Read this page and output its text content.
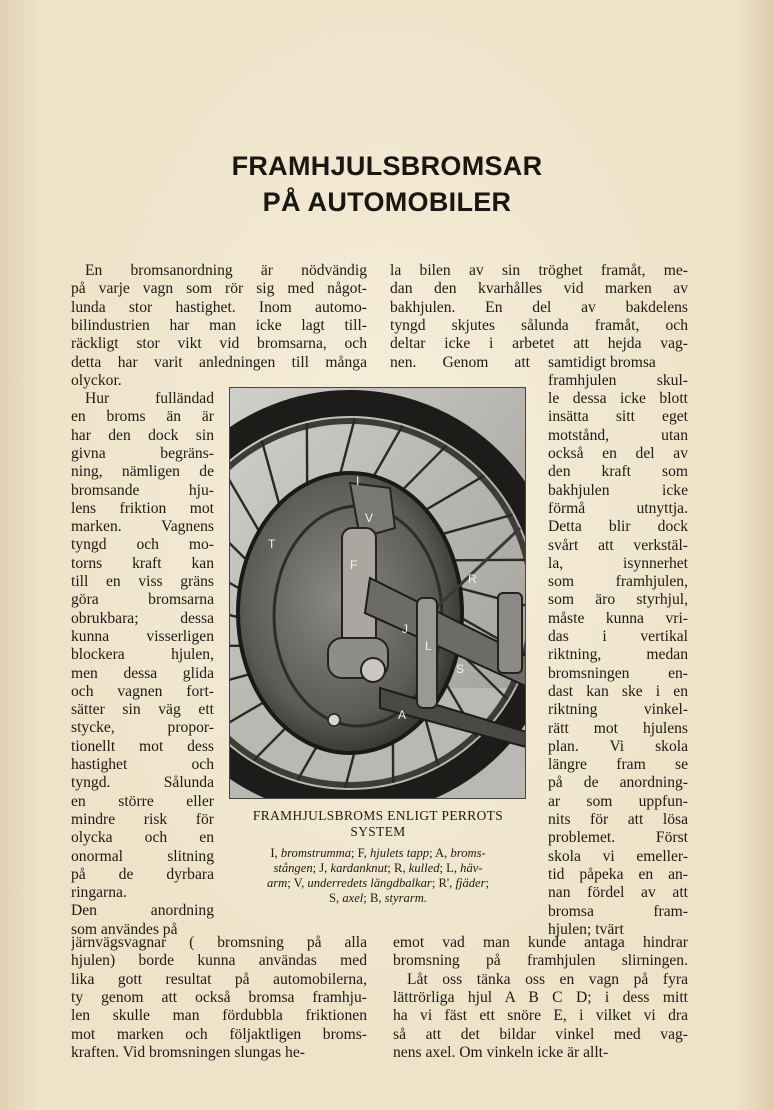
FRAMHJULSBROMSAR
PÅ AUTOMOBILER

En bromsanordning är nödvändig

på varje vagn som rör sig med något-

lunda stor hastighet. Inom automo-

bilindustrien har man icke lagt till-

räckligt stor vikt vid bromsarna, och

detta har varit anledningen till många

olyckor.

Hur fulländad

en broms än är

har den dock sin

givna begräns-

ning, nämligen de

bromsande hju-

lens friktion mot

marken. Vagnens

tyngd och mo-

torns kraft kan

till en viss gräns

göra bromsarna

obrukbara; dessa

kunna visserligen

blockera hjulen,

men dessa glida

och vagnen fort-

sätter sin väg ett

stycke, propor-

tionellt mot dess

hastighet och

tyngd. Sålunda

en större eller

mindre risk för

olycka och en

onormal slitning

på de dyrbara

ringarna.

Den anordning

som användes på

järnvägsvagnar ( bromsning på alla

hjulen) borde kunna användas med

lika gott resultat på automobilerna,

ty genom att också bromsa framhju-

len skulle man fördubbla friktionen

mot marken och följaktligen broms-

kraften. Vid bromsningen slungas he-

la bilen av sin tröghet framåt, me-

dan den kvarhålles vid marken av

bakhjulen. En del av bakdelens

tyngd skjutes sålunda framåt, och

deltar icke i arbetet att hejda vag-

nen. Genom att samtidigt bromsa

framhjulen skul-

le dessa icke blott

insätta sitt eget

motstånd, utan

också en del av

den kraft som

bakhjulen icke

förmå utnyttja.

Detta blir dock

svårt att verkstäl-

la, isynnerhet

som framhjulen,

som äro styrhjul,

måste kunna vri-

das i vertikal

riktning, medan

bromsningen en-

dast kan ske i en

riktning vinkel-

rätt mot hjulens

plan. Vi skola

längre fram se

på de anordning-

ar som uppfun-

nits för att lösa

problemet. Först

skola vi emeller-

tid påpeka en an-

nan fördel av att

bromsa fram-

hjulen; tvärt

emot vad man kunde antaga hindrar

bromsning på framhjulen slirningen.

Låt oss tänka oss en vagn på fyra

lättrörliga hjul A B C D; i dess mitt

ha vi fäst ett snöre E, i vilket vi dra

så att det bildar vinkel med vag-

nens axel. Om vinkeln icke är allt-

I
T
V
F
R
J
L
S
A

FRAMHJULSBROMS ENLIGT PERROTS

SYSTEM

I, bromstrumma; F, hjulets tapp; A, broms-

stången; J, kardanknut; R, kulled; L, häv-

arm; V, underredets längdbalkar; R', fjäder;

S, axel; B, styrarm.
